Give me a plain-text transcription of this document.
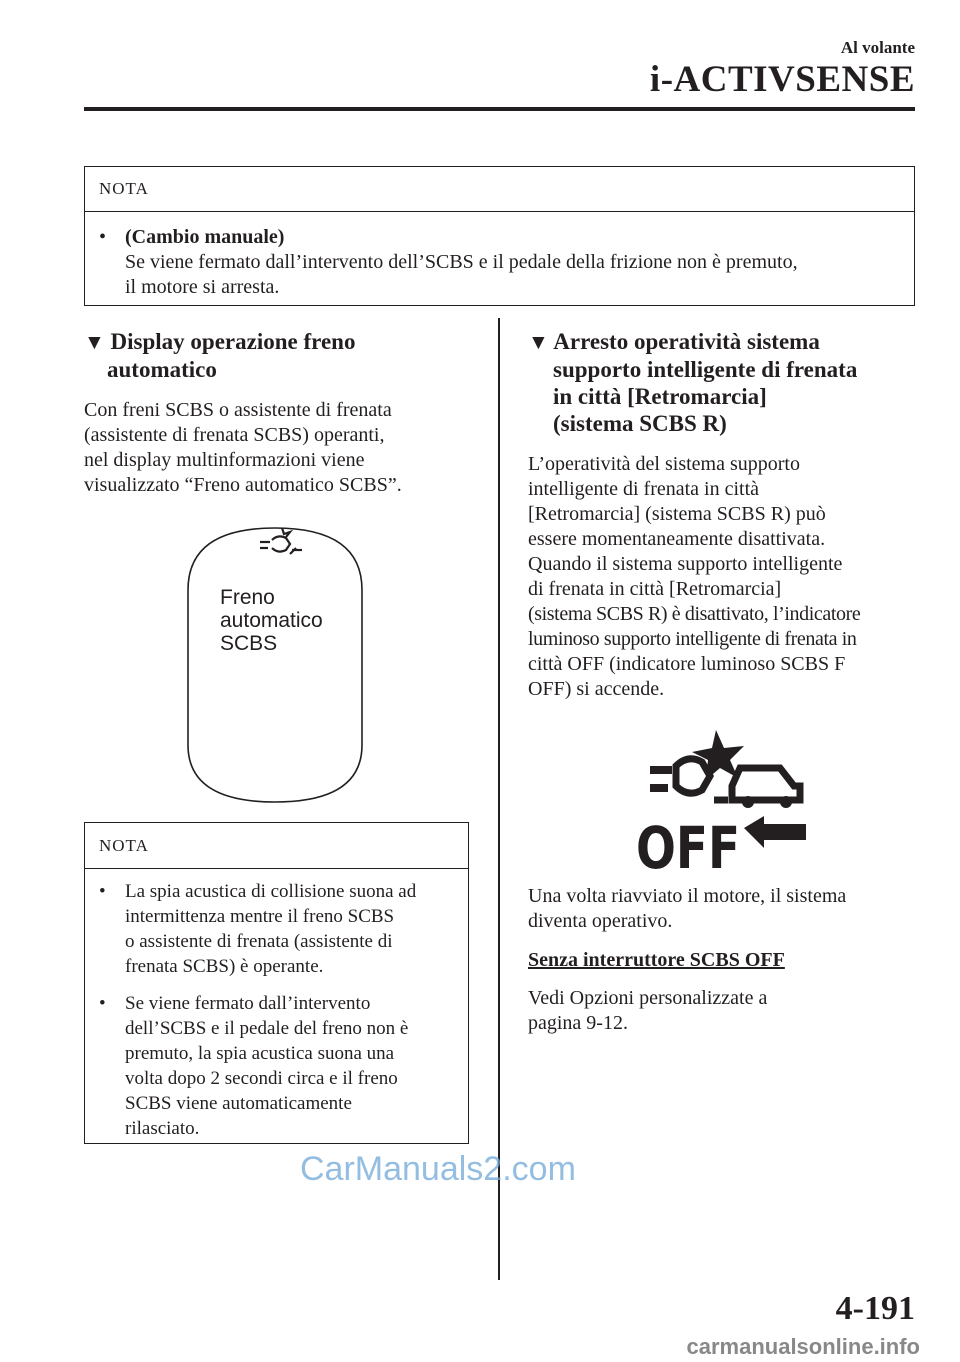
Al volante
i-ACTIVSENSE
NOTA
• (Cambio manuale)
Se viene fermato dall’intervento dell’SCBS e il pedale della frizione non è premuto,
il motore si arresta.
▼ Display operazione freno
automatico
Con freni SCBS o assistente di frenata
(assistente di frenata SCBS) operanti,
nel display multinformazioni viene
visualizzato “Freno automatico SCBS”.
Freno
automatico
SCBS
NOTA
•	La spia acustica di collisione suona ad
intermittenza mentre il freno SCBS
o assistente di frenata (assistente di
frenata SCBS) è operante.
•	Se viene fermato dall’intervento
dell’SCBS e il pedale del freno non è
premuto, la spia acustica suona una
volta dopo 2 secondi circa e il freno
SCBS viene automaticamente
rilasciato.
▼ Arresto operatività sistema
supporto intelligente di frenata
in città [Retromarcia]
(sistema SCBS R)
L’operatività del sistema supporto
intelligente di frenata in città
[Retromarcia] (sistema SCBS R) può
essere momentaneamente disattivata.
Quando il sistema supporto intelligente
di frenata in città [Retromarcia]
(sistema SCBS R) è disattivato, l’indicatore
luminoso supporto intelligente di frenata in
città OFF (indicatore luminoso SCBS F
OFF) si accende.
OFF
Una volta riavviato il motore, il sistema
diventa operativo.
Senza interruttore SCBS OFF
Vedi Opzioni personalizzate a
pagina 9-12.
CarManuals2.com
4-191
carmanualsonline.info
